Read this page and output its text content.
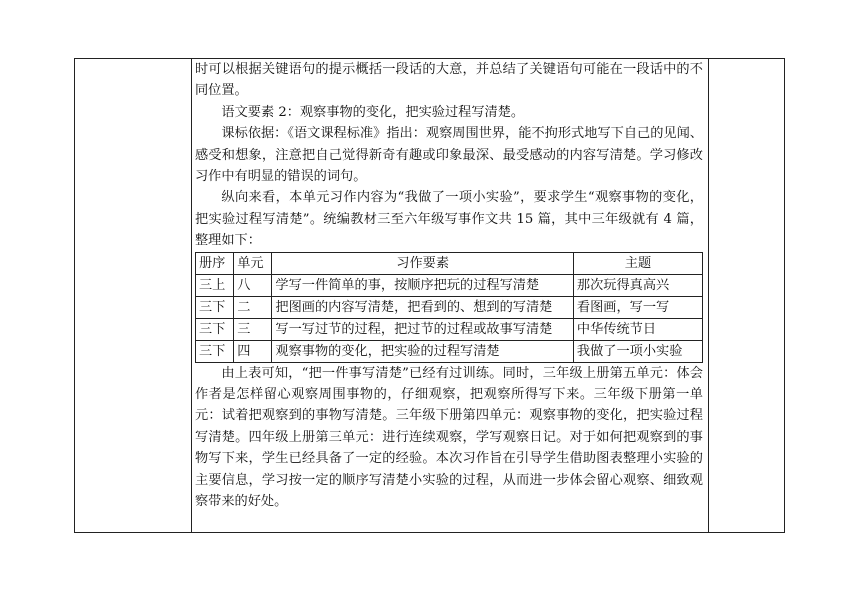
时可以根据关键语句的提示概括一段话的大意，并总结了关键语句可能在一段话中的不同位置。

语文要素 2：观察事物的变化，把实验过程写清楚。

课标依据：《语文课程标准》指出：观察周围世界，能不拘形式地写下自己的见闻、感受和想象，注意把自己觉得新奇有趣或印象最深、最受感动的内容写清楚。学习修改习作中有明显的错误的词句。

纵向来看，本单元习作内容为“我做了一项小实验”，要求学生“观察事物的变化，把实验过程写清楚”。统编教材三至六年级写事作文共 15 篇，其中三年级就有 4 篇，整理如下：

册序	单元	习作要素	主题
三上	八	学写一件简单的事，按顺序把玩的过程写清楚	那次玩得真高兴
三下	二	把图画的内容写清楚，把看到的、想到的写清楚	看图画，写一写
三下	三	写一写过节的过程，把过节的过程或故事写清楚	中华传统节日
三下	四	观察事物的变化，把实验的过程写清楚	我做了一项小实验

由上表可知，“把一件事写清楚”已经有过训练。同时，三年级上册第五单元：体会作者是怎样留心观察周围事物的，仔细观察，把观察所得写下来。三年级下册第一单元：试着把观察到的事物写清楚。三年级下册第四单元：观察事物的变化，把实验过程写清楚。四年级上册第三单元：进行连续观察，学写观察日记。对于如何把观察到的事物写下来，学生已经具备了一定的经验。本次习作旨在引导学生借助图表整理小实验的主要信息，学习按一定的顺序写清楚小实验的过程，从而进一步体会留心观察、细致观察带来的好处。
